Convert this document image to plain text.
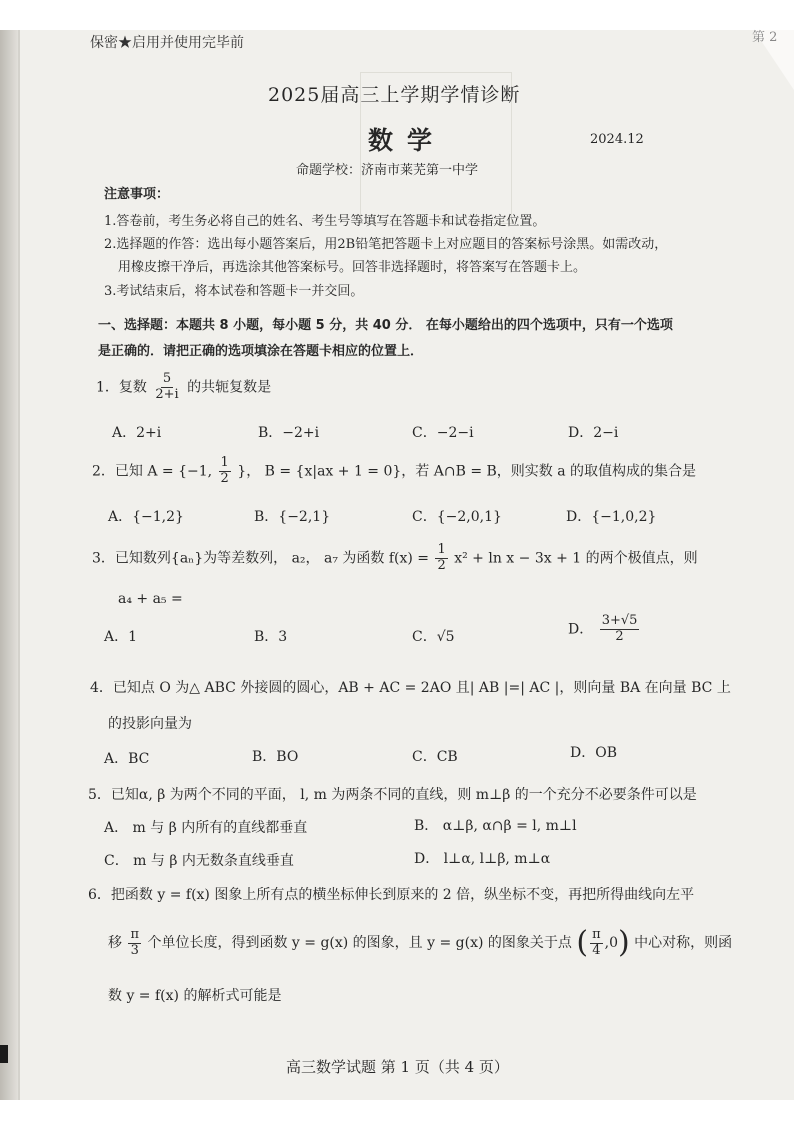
保密★启用并使用完毕前	第 2
2025届高三上学期学情诊断
数学	2024.12
命题学校：济南市莱芜第一中学
注意事项：
1.答卷前，考生务必将自己的姓名、考生号等填写在答题卡和试卷指定位置。
2.选择题的作答：选出每小题答案后，用2B铅笔把答题卡上对应题目的答案标号涂黑。如需改动，
用橡皮擦干净后，再选涂其他答案标号。回答非选择题时，将答案写在答题卡上。
3.考试结束后，将本试卷和答题卡一并交回。
一、选择题：本题共 8 小题，每小题 5 分，共 40 分． 在每小题给出的四个选项中，只有一个选项
是正确的．请把正确的选项填涂在答题卡相应的位置上．
1．复数 $\frac{5}{2+i}$ 的共轭复数是
A．2+i	B．−2+i	C．−2−i	D．2−i
2．已知 A = {−1, $\frac{1}{2}$ }， B = {x|ax + 1 = 0}，若 A∩B = B，则实数 a 的取值构成的集合是
A．{−1,2}	B．{−2,1}	C．{−2,0,1}	D．{−1,0,2}
3．已知数列{aₙ}为等差数列， a₂， a₇ 为函数 $f(x) = \frac{1}{2} x^2 + \ln x - 3x + 1$ 的两个极值点，则
a₄ + a₅ =
A．1	B．3	C．√5	D． $\frac{3+√5}{2}$
4．已知点 O 为△ ABC 外接圆的圆心，AB + AC = 2AO 且| AB |=| AC |，则向量 BA 在向量 BC 上
的投影向量为
A．BC	B．BO	C．CB	D．OB
5．已知α, β 为两个不同的平面， l, m 为两条不同的直线，则 m⊥β 的一个充分不必要条件可以是
A． m 与 β 内所有的直线都垂直	B． α⊥β, α∩β = l, m⊥l
C． m 与 β 内无数条直线垂直	D． l⊥α, l⊥β, m⊥α
6．把函数 y = f(x) 图象上所有点的横坐标伸长到原来的 2 倍，纵坐标不变，再把所得曲线向左平
移 $\frac{\pi}{3}$ 个单位长度，得到函数 y = g(x) 的图象，且 y = g(x) 的图象关于点 ( $\frac{\pi}{4} ,0$) 中心对称，则函
数 y = f(x) 的解析式可能是
高三数学试题 第 1 页（共 4 页）
